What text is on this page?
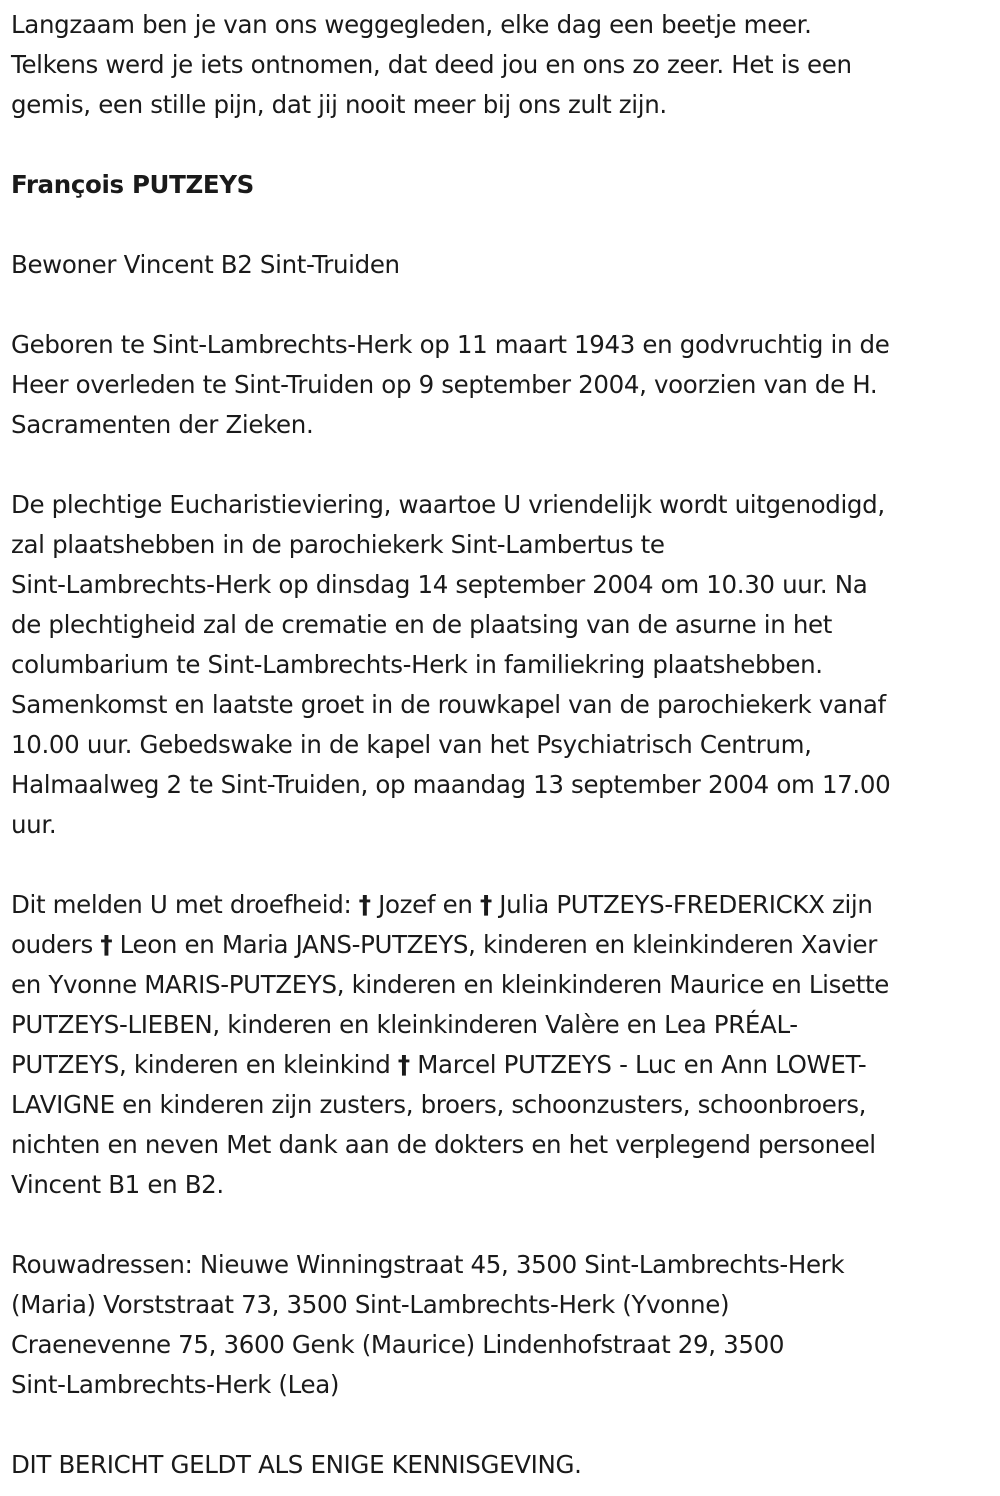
Langzaam ben je van ons weggegleden, elke dag een beetje meer.
Telkens werd je iets ontnomen, dat deed jou en ons zo zeer. Het is een
gemis, een stille pijn, dat jij nooit meer bij ons zult zijn.
François PUTZEYS
Bewoner Vincent B2 Sint-Truiden
Geboren te Sint-Lambrechts-Herk op 11 maart 1943 en godvruchtig in de
Heer overleden te Sint-Truiden op 9 september 2004, voorzien van de H.
Sacramenten der Zieken.
De plechtige Eucharistieviering, waartoe U vriendelijk wordt uitgenodigd,
zal plaatshebben in de parochiekerk Sint-Lambertus te
Sint-Lambrechts-Herk op dinsdag 14 september 2004 om 10.30 uur. Na
de plechtigheid zal de crematie en de plaatsing van de asurne in het
columbarium te Sint-Lambrechts-Herk in familiekring plaatshebben.
Samenkomst en laatste groet in de rouwkapel van de parochiekerk vanaf
10.00 uur. Gebedswake in de kapel van het Psychiatrisch Centrum,
Halmaalweg 2 te Sint-Truiden, op maandag 13 september 2004 om 17.00
uur.
Dit melden U met droefheid: † Jozef en † Julia PUTZEYS-FREDERICKX zijn
ouders † Leon en Maria JANS-PUTZEYS, kinderen en kleinkinderen Xavier
en Yvonne MARIS-PUTZEYS, kinderen en kleinkinderen Maurice en Lisette
PUTZEYS-LIEBEN, kinderen en kleinkinderen Valère en Lea PRÉAL-
PUTZEYS, kinderen en kleinkind † Marcel PUTZEYS - Luc en Ann LOWET-
LAVIGNE en kinderen zijn zusters, broers, schoonzusters, schoonbroers,
nichten en neven Met dank aan de dokters en het verplegend personeel
Vincent B1 en B2.
Rouwadressen: Nieuwe Winningstraat 45, 3500 Sint-Lambrechts-Herk
(Maria) Vorststraat 73, 3500 Sint-Lambrechts-Herk (Yvonne)
Craenevenne 75, 3600 Genk (Maurice) Lindenhofstraat 29, 3500
Sint-Lambrechts-Herk (Lea)
DIT BERICHT GELDT ALS ENIGE KENNISGEVING.
